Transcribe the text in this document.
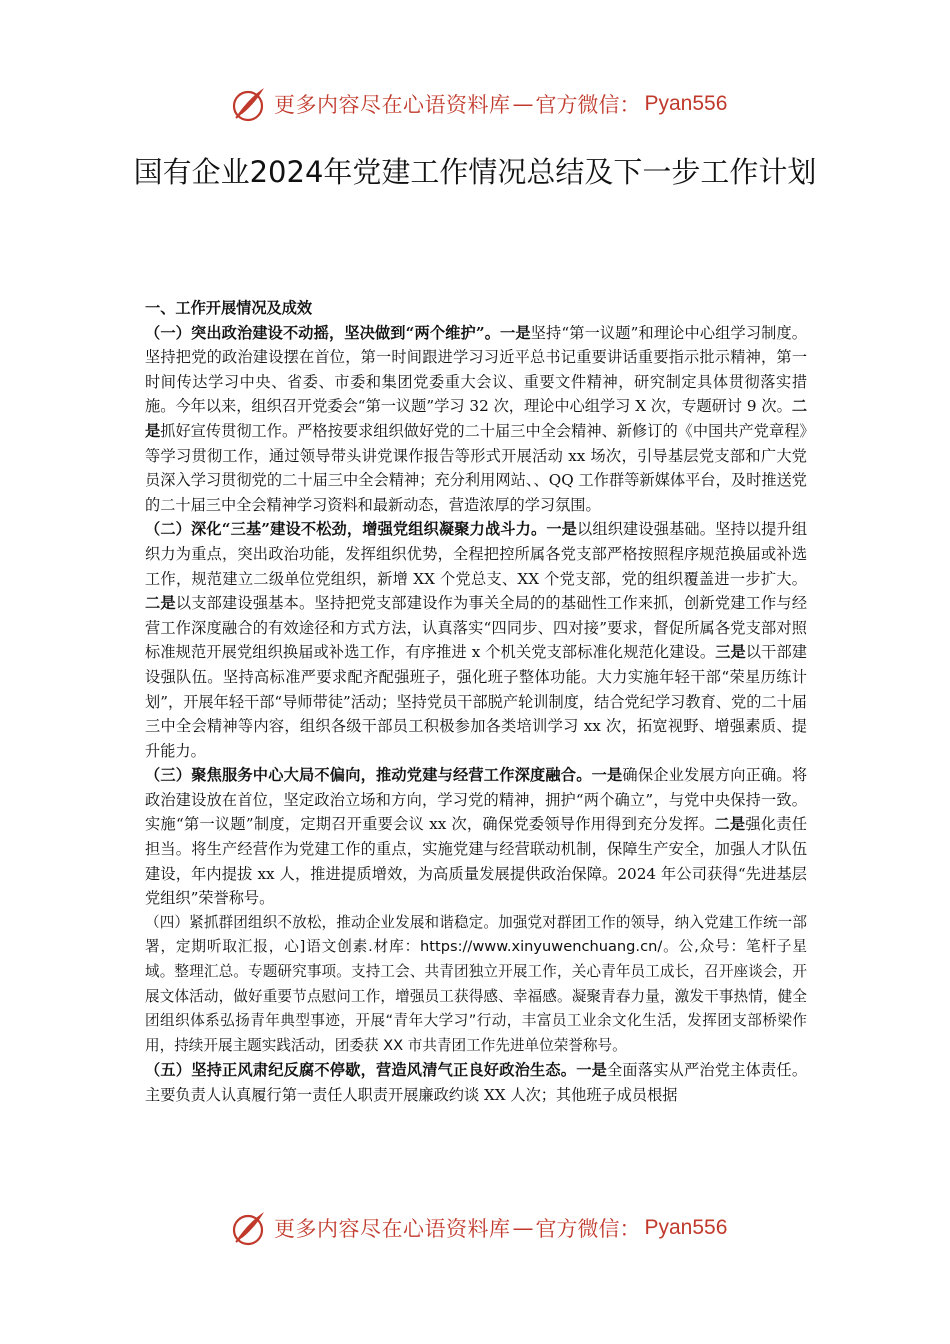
更多内容尽在心语资料库 — 官方微信： Pyan556
国有企业2024年党建工作情况总结及下一步工作计划

一、工作开展情况及成效

（一）突出政治建设不动摇，坚决做到“两个维护”。一是坚持“第一议题”和理论中心组学习制度。坚持把党的政治建设摆在首位，第一时间跟进学习习近平总书记重要讲话重要指示批示精神，第一时间传达学习中央、省委、市委和集团党委重大会议、重要文件精神，研究制定具体贯彻落实措施。今年以来，组织召开党委会“第一议题”学习 32 次，理论中心组学习 X 次，专题研讨 9 次。二是抓好宣传贯彻工作。严格按要求组织做好党的二十届三中全会精神、新修订的《中国共产党章程》等学习贯彻工作，通过领导带头讲党课作报告等形式开展活动 xx 场次，引导基层党支部和广大党员深入学习贯彻党的二十届三中全会精神；充分利用网站、、QQ 工作群等新媒体平台，及时推送党的二十届三中全会精神学习资料和最新动态，营造浓厚的学习氛围。

（二）深化“三基”建设不松劲，增强党组织凝聚力战斗力。一是以组织建设强基础。坚持以提升组织力为重点，突出政治功能，发挥组织优势，全程把控所属各党支部严格按照程序规范换届或补选工作，规范建立二级单位党组织，新增 XX 个党总支、XX 个党支部，党的组织覆盖进一步扩大。二是以支部建设强基本。坚持把党支部建设作为事关全局的的基础性工作来抓，创新党建工作与经营工作深度融合的有效途径和方式方法，认真落实“四同步、四对接”要求，督促所属各党支部对照标准规范开展党组织换届或补选工作，有序推进 x 个机关党支部标准化规范化建设。三是以干部建设强队伍。坚持高标准严要求配齐配强班子，强化班子整体功能。大力实施年轻干部“荣星历练计划”，开展年轻干部“导师带徒”活动；坚持党员干部脱产轮训制度，结合党纪学习教育、党的二十届三中全会精神等内容，组织各级干部员工积极参加各类培训学习 xx 次，拓宽视野、增强素质、提升能力。

（三）聚焦服务中心大局不偏向，推动党建与经营工作深度融合。一是确保企业发展方向正确。将政治建设放在首位，坚定政治立场和方向，学习党的精神，拥护“两个确立”，与党中央保持一致。实施“第一议题”制度，定期召开重要会议 xx 次，确保党委领导作用得到充分发挥。二是强化责任担当。将生产经营作为党建工作的重点，实施党建与经营联动机制，保障生产安全，加强人才队伍建设，年内提拔 xx 人，推进提质增效，为高质量发展提供政治保障。2024 年公司获得“先进基层党组织”荣誉称号。

（四）紧抓群团组织不放松，推动企业发展和谐稳定。加强党对群团工作的领导，纳入党建工作统一部署，定期听取汇报，心]语文创素.材库：https://www.xinyuwenchuang.cn/。公,众号：笔杆子星域。整理汇总。专题研究事项。支持工会、共青团独立开展工作，关心青年员工成长，召开座谈会，开展文体活动，做好重要节点慰问工作，增强员工获得感、幸福感。凝聚青春力量，激发干事热情，健全团组织体系弘扬青年典型事迹，开展“青年大学习”行动，丰富员工业余文化生活，发挥团支部桥梁作用，持续开展主题实践活动，团委获 XX 市共青团工作先进单位荣誉称号。

（五）坚持正风肃纪反腐不停歇，营造风清气正良好政治生态。一是全面落实从严治党主体责任。主要负责人认真履行第一责任人职责开展廉政约谈 XX 人次；其他班子成员根据

更多内容尽在心语资料库 — 官方微信： Pyan556
